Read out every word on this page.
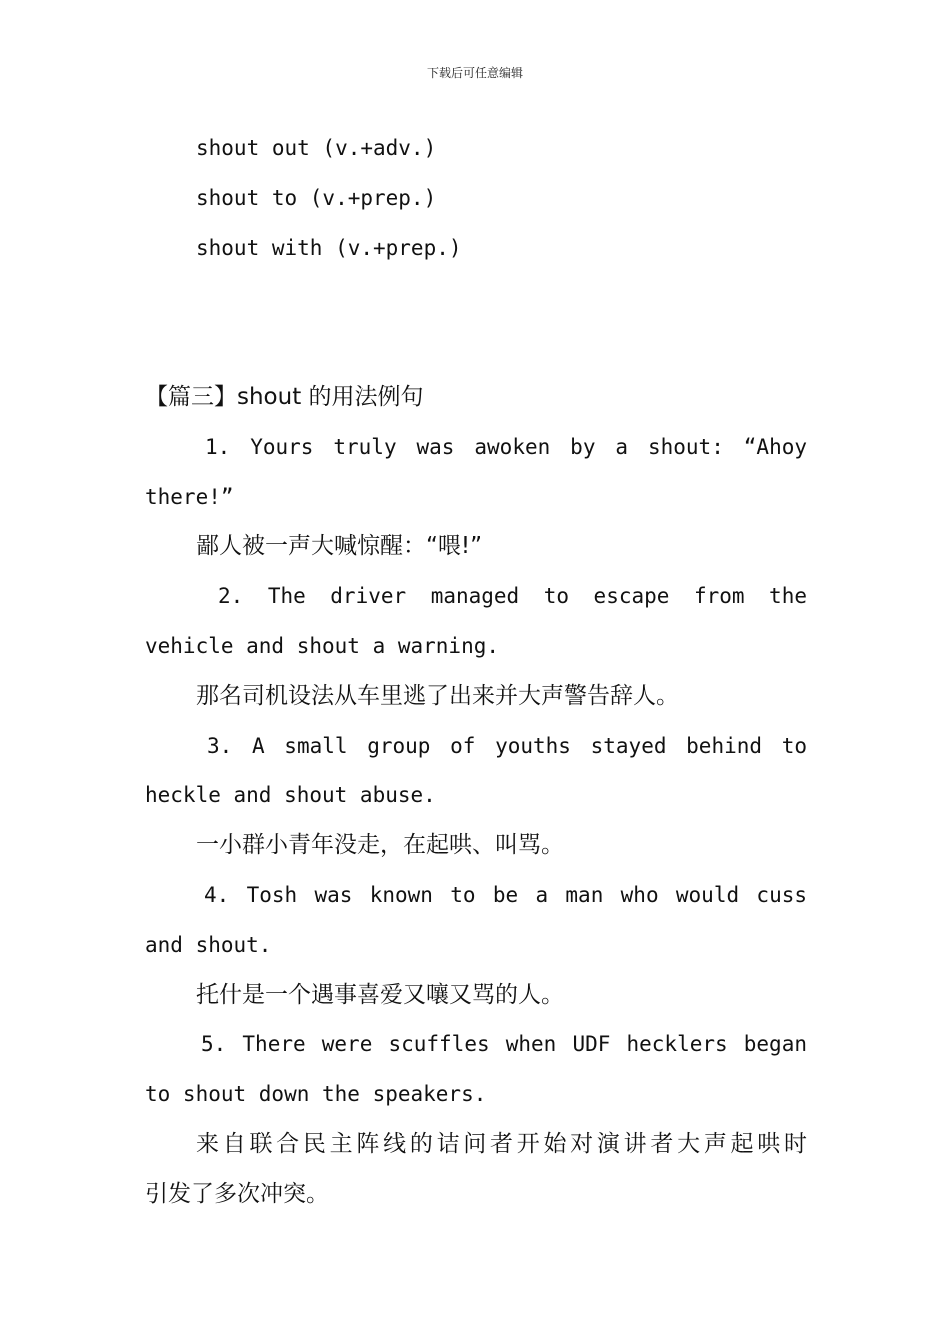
下载后可任意编辑
shout out (v.+adv.)
shout to (v.+prep.)
shout with (v.+prep.)
【篇三】shout 的用法例句
1. Yours truly was awoken by a shout: “Ahoy
there!”
鄙人被一声大喊惊醒：“喂!”
2. The driver managed to escape from the
vehicle and shout a warning.
那名司机设法从车里逃了出来并大声警告辞人。
3. A small group of youths stayed behind to
heckle and shout abuse.
一小群小青年没走，在起哄、叫骂。
4. Tosh was known to be a man who would cuss
and shout.
托什是一个遇事喜爱又嚷又骂的人。
5. There were scuffles when UDF hecklers began
to shout down the speakers.
来自联合民主阵线的诘问者开始对演讲者大声起哄时
引发了多次冲突。
